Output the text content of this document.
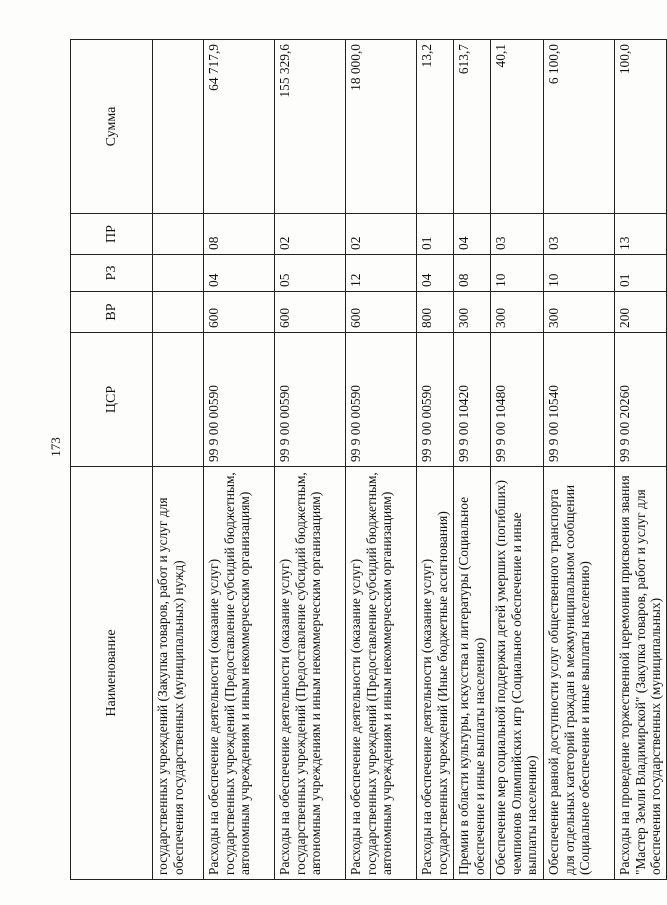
173
Наименование	ЦСР	ВР	РЗ	ПР	Сумма
государственных учреждений (Закупка товаров, работ и услуг для обеспечения государственных (муниципальных) нужд)					
Расходы на обеспечение деятельности (оказание услуг) государственных учреждений (Предоставление субсидий бюджетным, автономным учреждениям и иным некоммерческим организациям)	99 9 00 00590	600	04	08	64 717,9
Расходы на обеспечение деятельности (оказание услуг) государственных учреждений (Предоставление субсидий бюджетным, автономным учреждениям и иным некоммерческим организациям)	99 9 00 00590	600	05	02	155 329,6
Расходы на обеспечение деятельности (оказание услуг) государственных учреждений (Предоставление субсидий бюджетным, автономным учреждениям и иным некоммерческим организациям)	99 9 00 00590	600	12	02	18 000,0
Расходы на обеспечение деятельности (оказание услуг) государственных учреждений (Иные бюджетные ассигнования)	99 9 00 00590	800	04	01	13,2
Премии в области культуры, искусства и литературы (Социальное обеспечение и иные выплаты населению)	99 9 00 10420	300	08	04	613,7
Обеспечение мер социальной поддержки детей умерших (погибших) чемпионов Олимпийских игр (Социальное обеспечение и иные выплаты населению)	99 9 00 10480	300	10	03	40,1
Обеспечение равной доступности услуг общественного транспорта для отдельных категорий граждан в межмуниципальном сообщении (Социальное обеспечение и иные выплаты населению)	99 9 00 10540	300	10	03	6 100,0
Расходы на проведение торжественной церемонии присвоения звания "Мастер Земли Владимирской" (Закупка товаров, работ и услуг для обеспечения государственных (муниципальных)	99 9 00 20260	200	01	13	100,0
